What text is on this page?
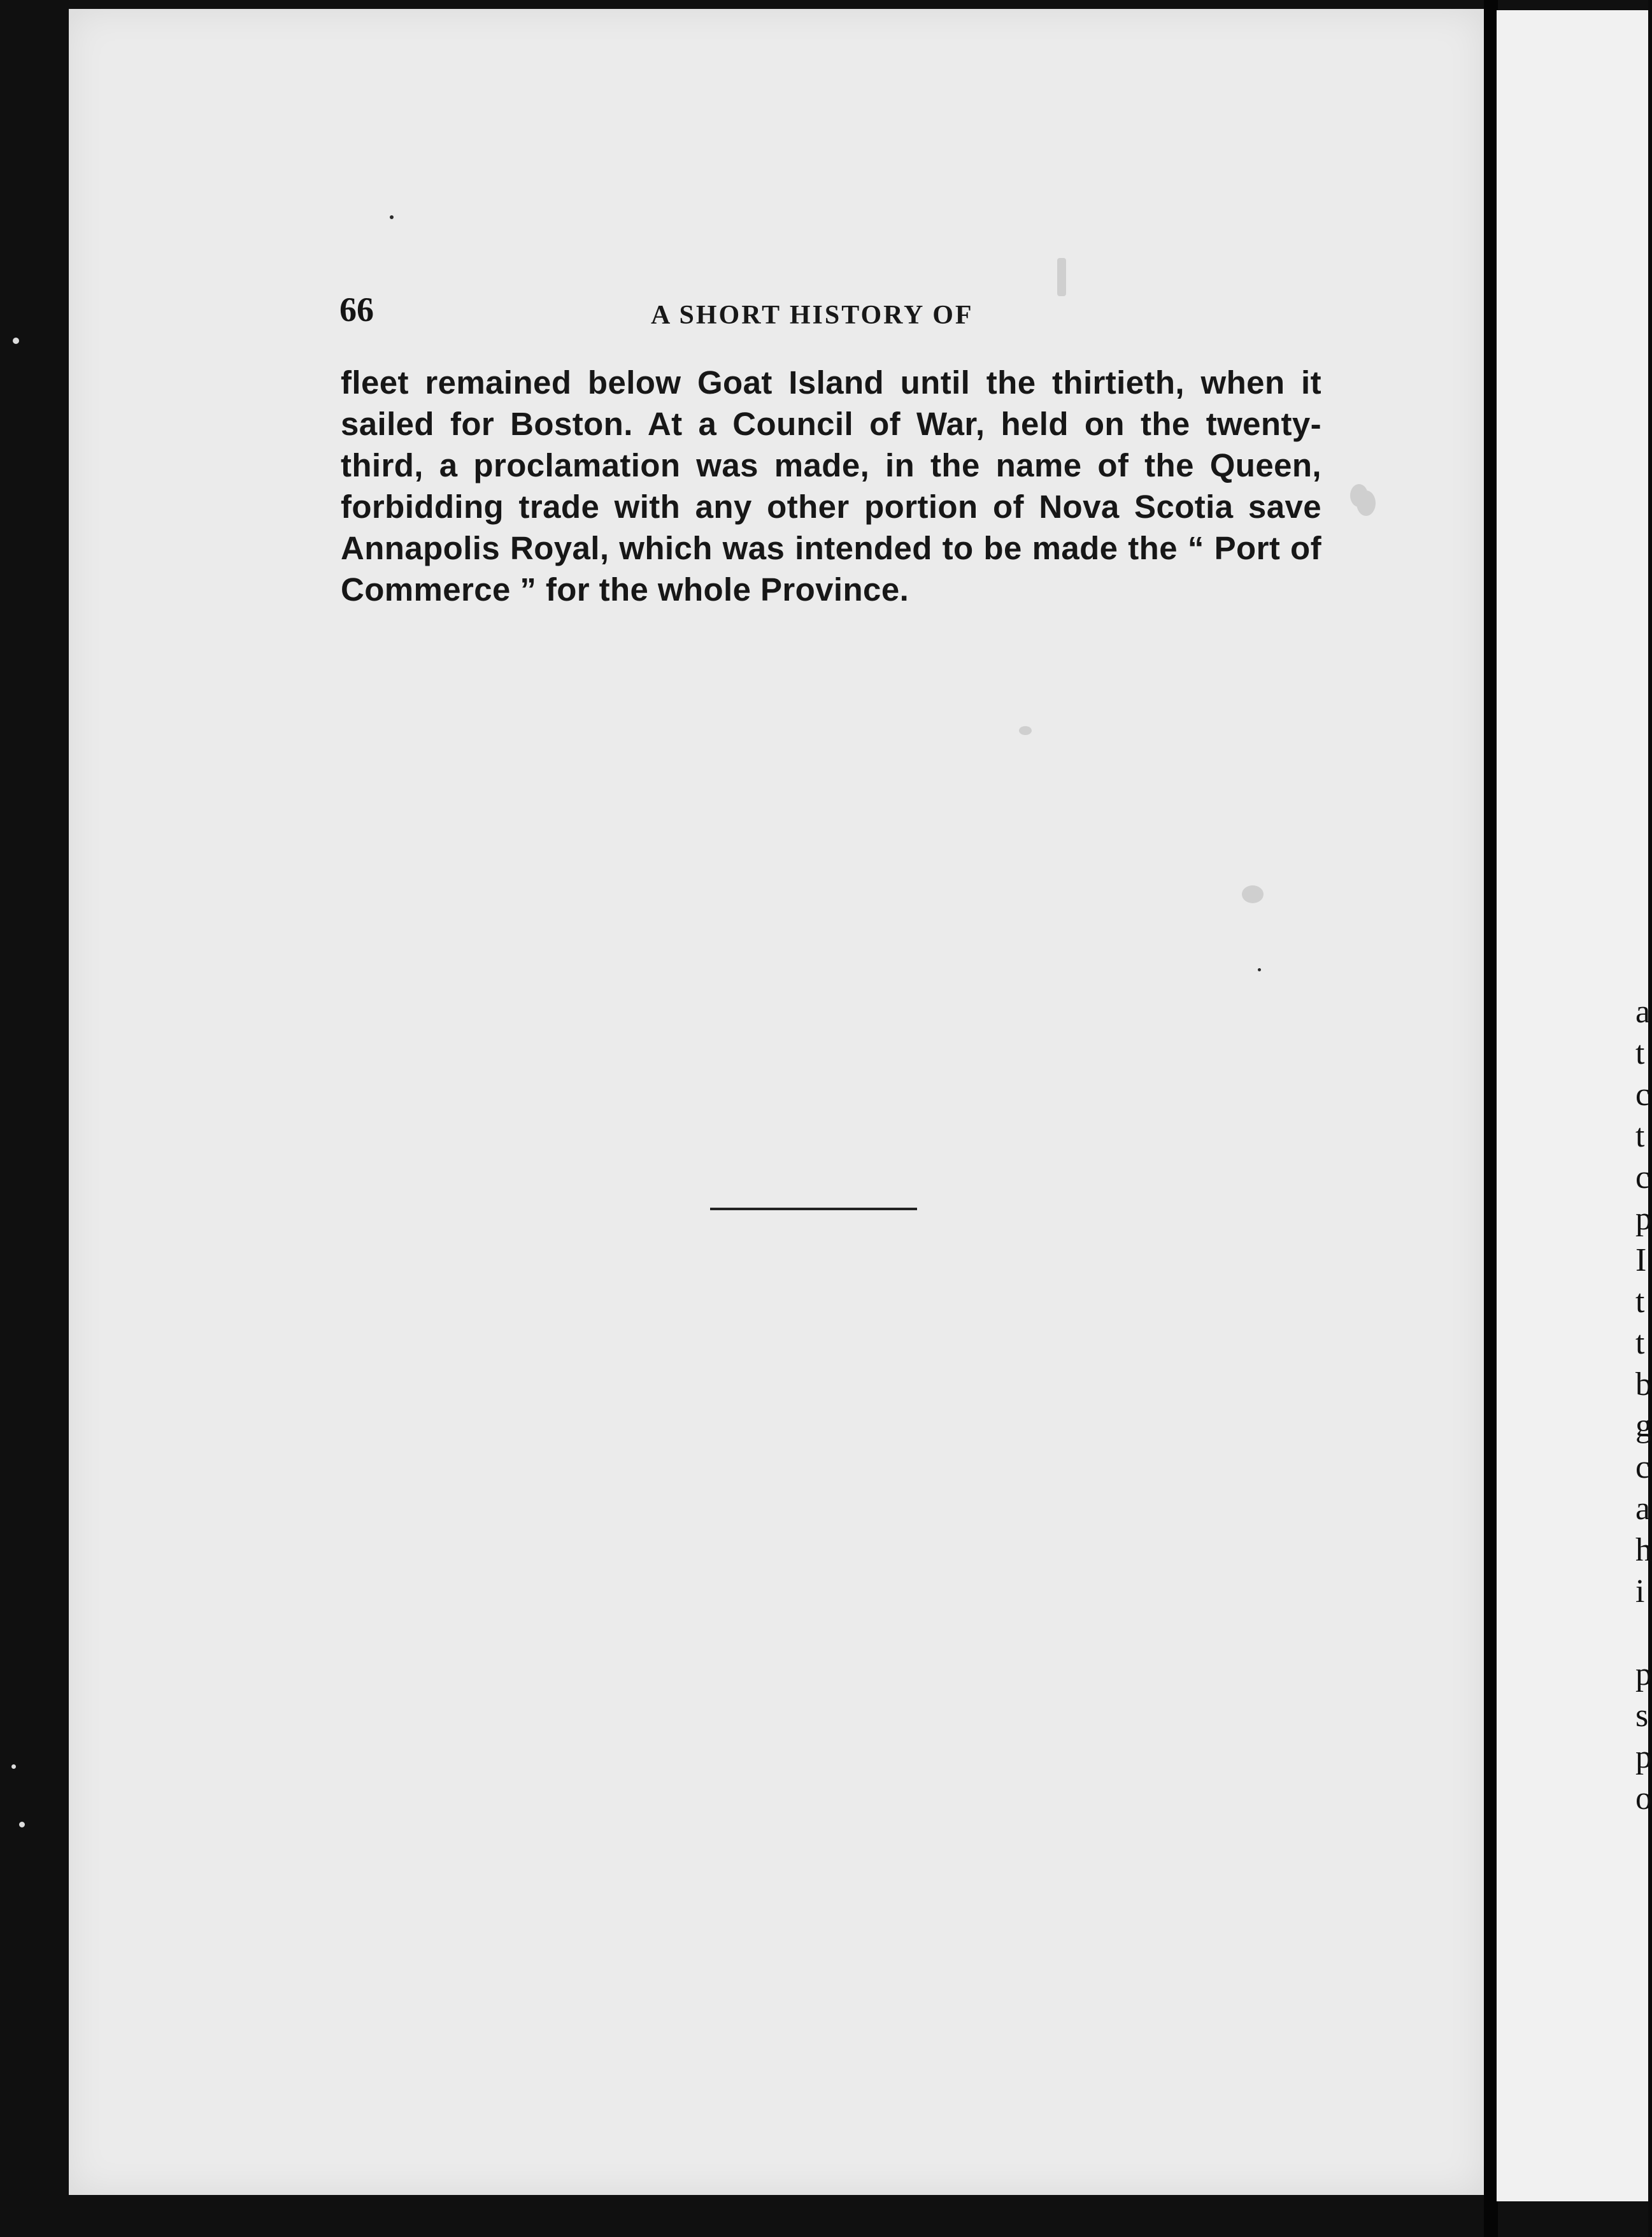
a
t
c
t
c
p
I
t
t
b
g
c
a
h
i
p
s
p
o

66	A SHORT HISTORY OF

fleet remained below Goat Island until the thirtieth, when it sailed for Boston. At a Council of War, held on the twenty-third, a proclamation was made, in the name of the Queen, forbidding trade with any other portion of Nova Scotia save Annapolis Royal, which was intended to be made the “ Port of Commerce ” for the whole Province.
